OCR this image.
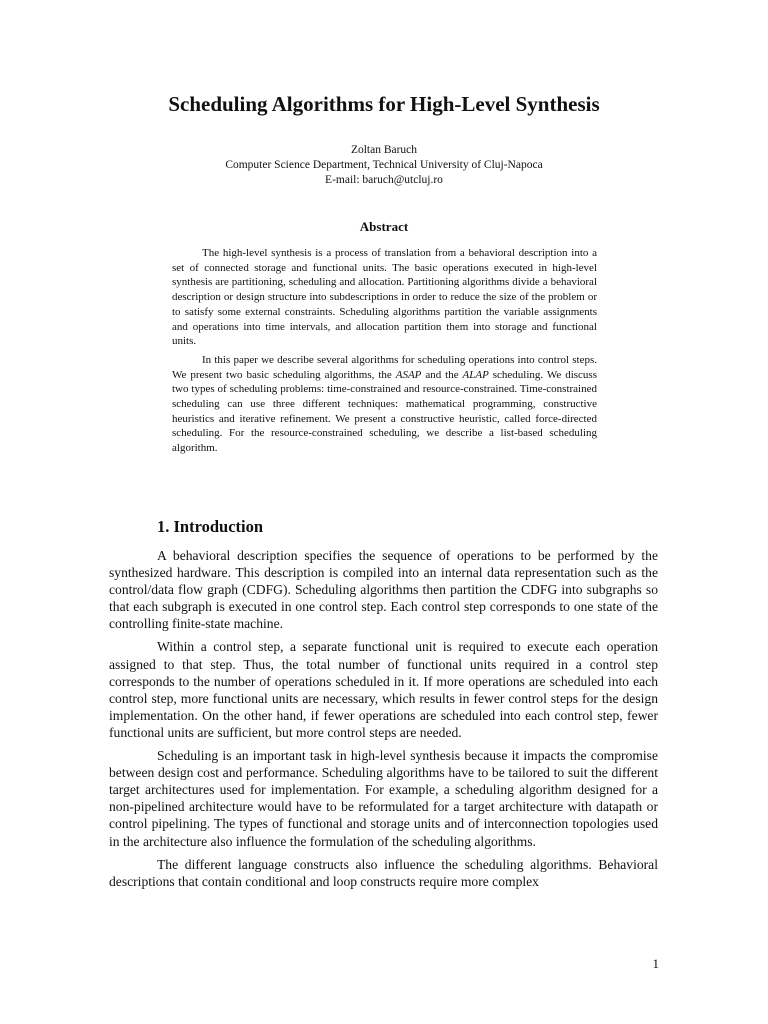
Scheduling Algorithms for High-Level Synthesis
Zoltan Baruch
Computer Science Department, Technical University of Cluj-Napoca
E-mail: baruch@utcluj.ro
Abstract

The high-level synthesis is a process of translation from a behavioral description into a set of connected storage and functional units. The basic operations executed in high-level synthesis are partitioning, scheduling and allocation. Partitioning algorithms divide a behavioral description or design structure into subdescriptions in order to reduce the size of the problem or to satisfy some external constraints. Scheduling algorithms partition the variable assignments and operations into time intervals, and allocation partition them into storage and functional units.

In this paper we describe several algorithms for scheduling operations into control steps. We present two basic scheduling algorithms, the ASAP and the ALAP scheduling. We discuss two types of scheduling problems: time-constrained and resource-constrained. Time-constrained scheduling can use three different techniques: mathematical programming, constructive heuristics and iterative refinement. We present a constructive heuristic, called force-directed scheduling. For the resource-constrained scheduling, we describe a list-based scheduling algorithm.

1. Introduction

A behavioral description specifies the sequence of operations to be performed by the synthesized hardware. This description is compiled into an internal data representation such as the control/data flow graph (CDFG). Scheduling algorithms then partition the CDFG into subgraphs so that each subgraph is executed in one control step. Each control step corresponds to one state of the controlling finite-state machine.

Within a control step, a separate functional unit is required to execute each operation assigned to that step. Thus, the total number of functional units required in a control step corresponds to the number of operations scheduled in it. If more operations are scheduled into each control step, more functional units are necessary, which results in fewer control steps for the design implementation. On the other hand, if fewer operations are scheduled into each control step, fewer functional units are sufficient, but more control steps are needed.

Scheduling is an important task in high-level synthesis because it impacts the compromise between design cost and performance. Scheduling algorithms have to be tailored to suit the different target architectures used for implementation. For example, a scheduling algorithm designed for a non-pipelined architecture would have to be reformulated for a target architecture with datapath or control pipelining. The types of functional and storage units and of interconnection topologies used in the architecture also influence the formulation of the scheduling algorithms.

The different language constructs also influence the scheduling algorithms. Behavioral descriptions that contain conditional and loop constructs require more complex

1
